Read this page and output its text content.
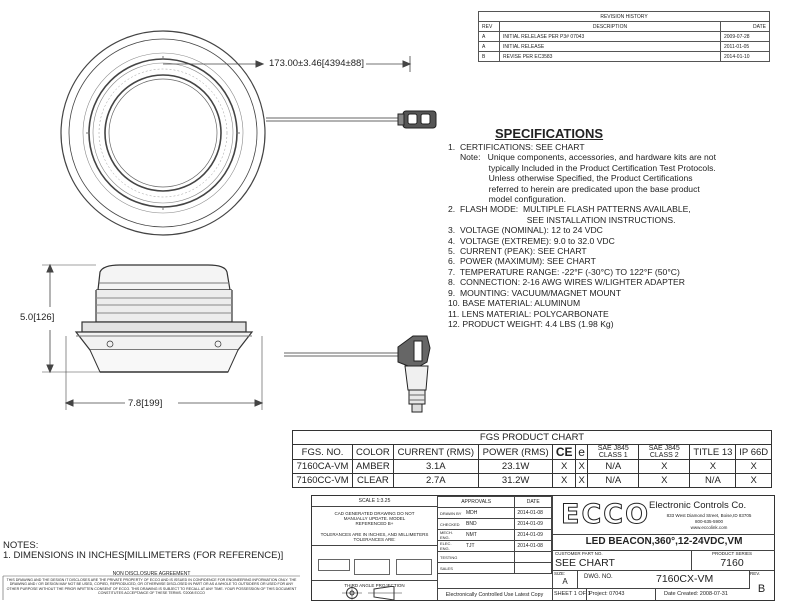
REVISION HISTORY		
REV	DESCRIPTION	DATE
A	INITIAL RELELASE PER P3# 07043	2009-07-28
A	INITIAL RELEASE	2011-01-05
B	REVISE PER EC3583	2014-01-10
173.00±3.46[4394±88]
5.0[126]
7.8[199]
SPECIFICATIONS
1.  CERTIFICATIONS: SEE CHART
Note:   Unique components, accessories, and hardware kits are not
typically Included in the Product Certification Test Protocols.
Unless otherwise Specified, the Product Certifications
referred to herein are predicated upon the base product
model configuration.
2.  FLASH MODE:  MULTIPLE FLASH PATTERNS AVAILABLE,
SEE INSTALLATION INSTRUCTIONS.
3.  VOLTAGE (NOMINAL): 12 to 24 VDC
4.  VOLTAGE (EXTREME): 9.0 to 32.0 VDC
5.  CURRENT (PEAK): SEE CHART
6.  POWER (MAXIMUM): SEE CHART
7.  TEMPERATURE RANGE: -22°F (-30°C) TO 122°F (50°C)
8.  CONNECTION: 2-16 AWG WIRES W/LIGHTER ADAPTER
9.  MOUNTING: VACUUM/MAGNET MOUNT
10. BASE MATERIAL: ALUMINUM
11. LENS MATERIAL: POLYCARBONATE
12. PRODUCT WEIGHT: 4.4 LBS (1.98 Kg)
FGS PRODUCT CHART									
FGS. NO.	COLOR	CURRENT (RMS)	POWER (RMS)	CE	e	SAE J845 CLASS 1	SAE J845 CLASS 2	TITLE 13	IP 66D
7160CA-VM	AMBER	3.1A	23.1W	X	X	N/A	X	X	X
7160CC-VM	CLEAR	2.7A	31.2W	X	X	N/A	X	N/A	X
NOTES:
1. DIMENSIONS IN INCHES[MILLIMETERS (FOR REFERENCE)]
NON DISCLOSURE AGREEMENT
THIS DRAWING AND THE DESIGN IT DISCLOSES ARE THE PRIVATE PROPERTY OF ECCO AND IS ISSUED IN CONFIDENCE FOR ENGINEERING INFORMATION ONLY. THE DRAWING AND / OR DESIGN MAY NOT BE USED, COPIED, REPRODUCED, OR OTHERWISE DISCLOSED IN PART OR AS A WHOLE TO OUTSIDERS OR USED FOR ANY OTHER PURPOSE WITHOUT THE PRIOR WRITTEN CONSENT OF ECCO. THIS DRAWING IS SUBJECT TO RECALL AT ANY TIME. YOUR POSSESSION OF THIS DOCUMENT CONSTITUTES ACCEPTANCE OF THESE TERMS. ©2008 ECCO
SCALE 1:3.25
CAD GENERATED DRAWING DO NOT MANUALLY UPDATE. MODEL REFERENCED B+
TOLERANCES ARE IN INCHES, AND MILLIMETERS TOLERANCES ARE:
THIRD ANGLE PROJECTION
APPROVALS		DATE
DRAWN BY	MDH	2014-01-08
CHECKED	BND	2014-01-09
MECH. ENG.	NMT	2014-01-09
ELEC. ENG.	TJT	2014-01-08
TESTING		
SALES		
Electronically Controlled Use Latest Copy
ECCO
Electronic Controls Co.
833 West Diamond Street, Boise,ID 83705
800-635-5900
www.eccolink.com
LED BEACON,360°,12-24VDC,VM
CUSTOMER PART NO.
SEE CHART
PRODUCT SERIES
7160
SIZE:
A	DWG. NO.	7160CX-VM	REV.
B
SHEET 1 OF 1Project: 07043	Date Created: 2008-07-31
